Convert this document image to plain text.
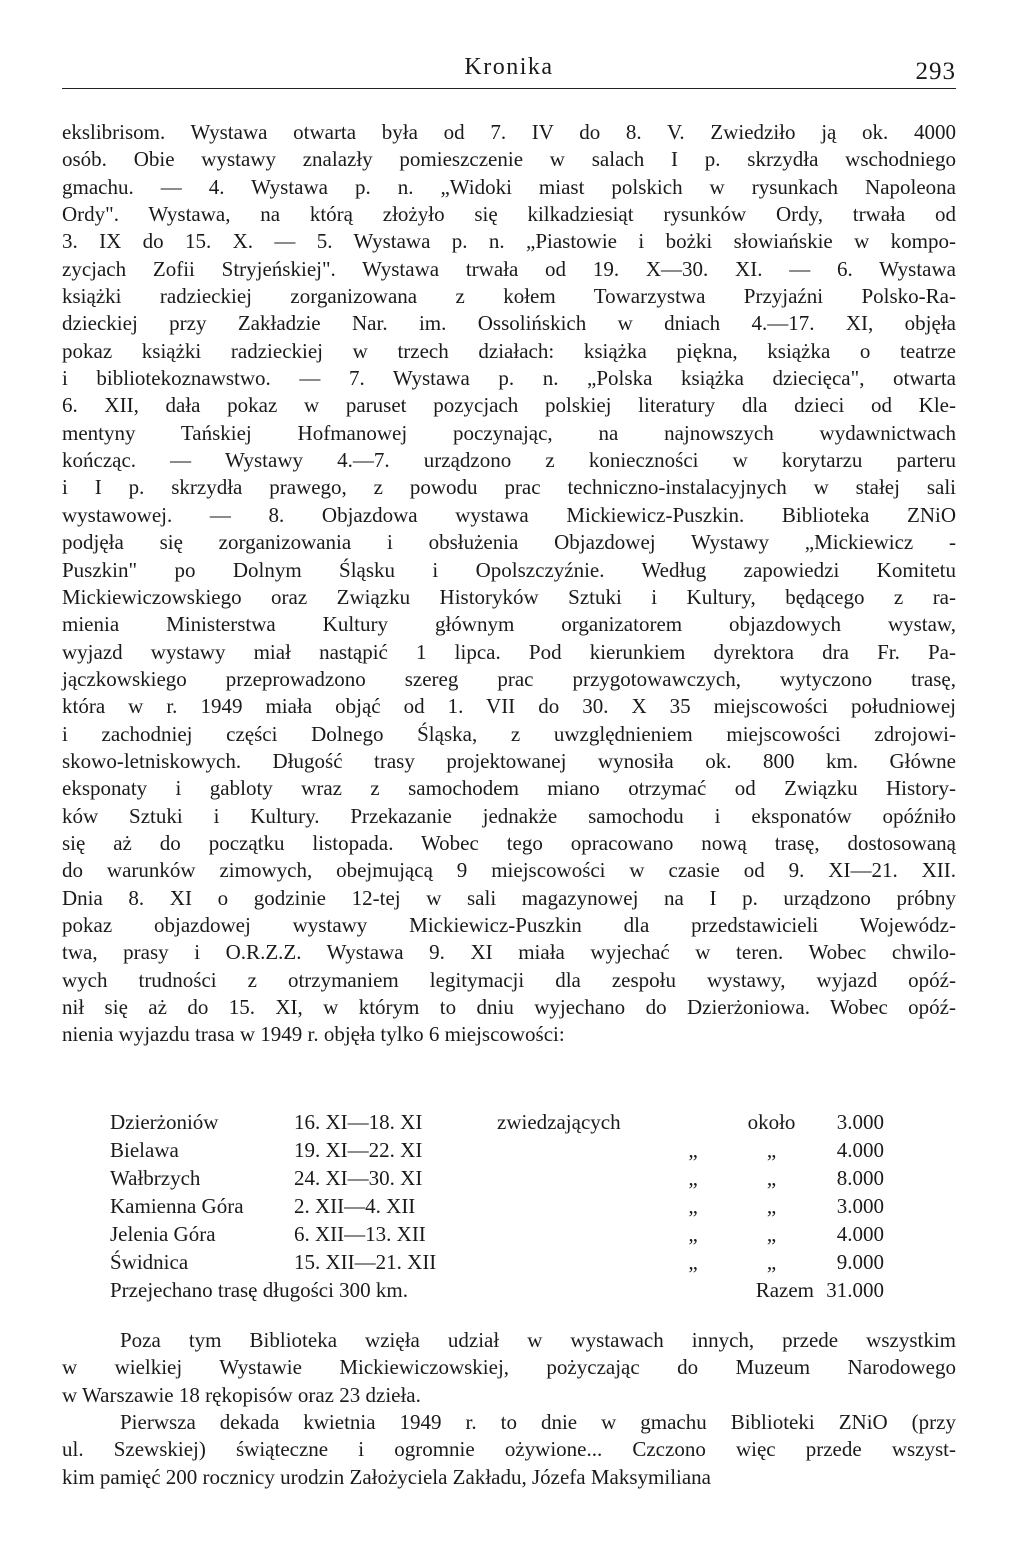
Kronika	293
ekslibrisom. Wystawa otwarta była od 7. IV do 8. V. Zwiedziło ją ok. 4000
osób. Obie wystawy znalazły pomieszczenie w salach I p. skrzydła wschodniego
gmachu. — 4. Wystawa p. n. „Widoki miast polskich w rysunkach Napoleona
Ordy". Wystawa, na którą złożyło się kilkadziesiąt rysunków Ordy, trwała od
3. IX do 15. X. — 5. Wystawa p. n. „Piastowie i bożki słowiańskie w kompo-
zycjach Zofii Stryjeńskiej". Wystawa trwała od 19. X—30. XI. — 6. Wystawa
książki radzieckiej zorganizowana z kołem Towarzystwa Przyjaźni Polsko-Ra-
dzieckiej przy Zakładzie Nar. im. Ossolińskich w dniach 4.—17. XI, objęła
pokaz książki radzieckiej w trzech działach: książka piękna, książka o teatrze
i bibliotekoznawstwo. — 7. Wystawa p. n. „Polska książka dziecięca", otwarta
6. XII, dała pokaz w paruset pozycjach polskiej literatury dla dzieci od Kle-
mentyny Tańskiej Hofmanowej poczynając, na najnowszych wydawnictwach
kończąc. — Wystawy 4.—7. urządzono z konieczności w korytarzu parteru
i I p. skrzydła prawego, z powodu prac techniczno-instalacyjnych w stałej sali
wystawowej. — 8. Objazdowa wystawa Mickiewicz-Puszkin. Biblioteka ZNiO
podjęła się zorganizowania i obsłużenia Objazdowej Wystawy „Mickiewicz -
Puszkin" po Dolnym Śląsku i Opolszczyźnie. Według zapowiedzi Komitetu
Mickiewiczowskiego oraz Związku Historyków Sztuki i Kultury, będącego z ra-
mienia Ministerstwa Kultury głównym organizatorem objazdowych wystaw,
wyjazd wystawy miał nastąpić 1 lipca. Pod kierunkiem dyrektora dra Fr. Pa-
jączkowskiego przeprowadzono szereg prac przygotowawczych, wytyczono trasę,
która w r. 1949 miała objąć od 1. VII do 30. X 35 miejscowości południowej
i zachodniej części Dolnego Śląska, z uwzględnieniem miejscowości zdrojowi-
skowo-letniskowych. Długość trasy projektowanej wynosiła ok. 800 km. Główne
eksponaty i gabloty wraz z samochodem miano otrzymać od Związku History-
ków Sztuki i Kultury. Przekazanie jednakże samochodu i eksponatów opóźniło
się aż do początku listopada. Wobec tego opracowano nową trasę, dostosowaną
do warunków zimowych, obejmującą 9 miejscowości w czasie od 9. XI—21. XII.
Dnia 8. XI o godzinie 12-tej w sali magazynowej na I p. urządzono próbny
pokaz objazdowej wystawy Mickiewicz-Puszkin dla przedstawicieli Wojewódz-
twa, prasy i O.R.Z.Z. Wystawa 9. XI miała wyjechać w teren. Wobec chwilo-
wych trudności z otrzymaniem legitymacji dla zespołu wystawy, wyjazd opóź-
nił się aż do 15. XI, w którym to dniu wyjechano do Dzierżoniowa. Wobec opóź-
nienia wyjazdu trasa w 1949 r. objęła tylko 6 miejscowości:
Dzierżoniów	16. XI—18. XI	zwiedzających		około	3.000
Bielawa	19. XI—22. XI		„	„	4.000
Wałbrzych	24. XI—30. XI		„	„	8.000
Kamienna Góra	2. XII—4. XII		„	„	3.000
Jelenia Góra	6. XII—13. XII		„	„	4.000
Świdnica	15. XII—21. XII		„	„	9.000
Przejechano trasę długości 300 km.			Razem		31.000
Poza tym Biblioteka wzięła udział w wystawach innych, przede wszystkim
w wielkiej Wystawie Mickiewiczowskiej, pożyczając do Muzeum Narodowego
w Warszawie 18 rękopisów oraz 23 dzieła.
Pierwsza dekada kwietnia 1949 r. to dnie w gmachu Biblioteki ZNiO (przy
ul. Szewskiej) świąteczne i ogromnie ożywione... Czczono więc przede wszyst-
kim pamięć 200 rocznicy urodzin Założyciela Zakładu, Józefa Maksymiliana
